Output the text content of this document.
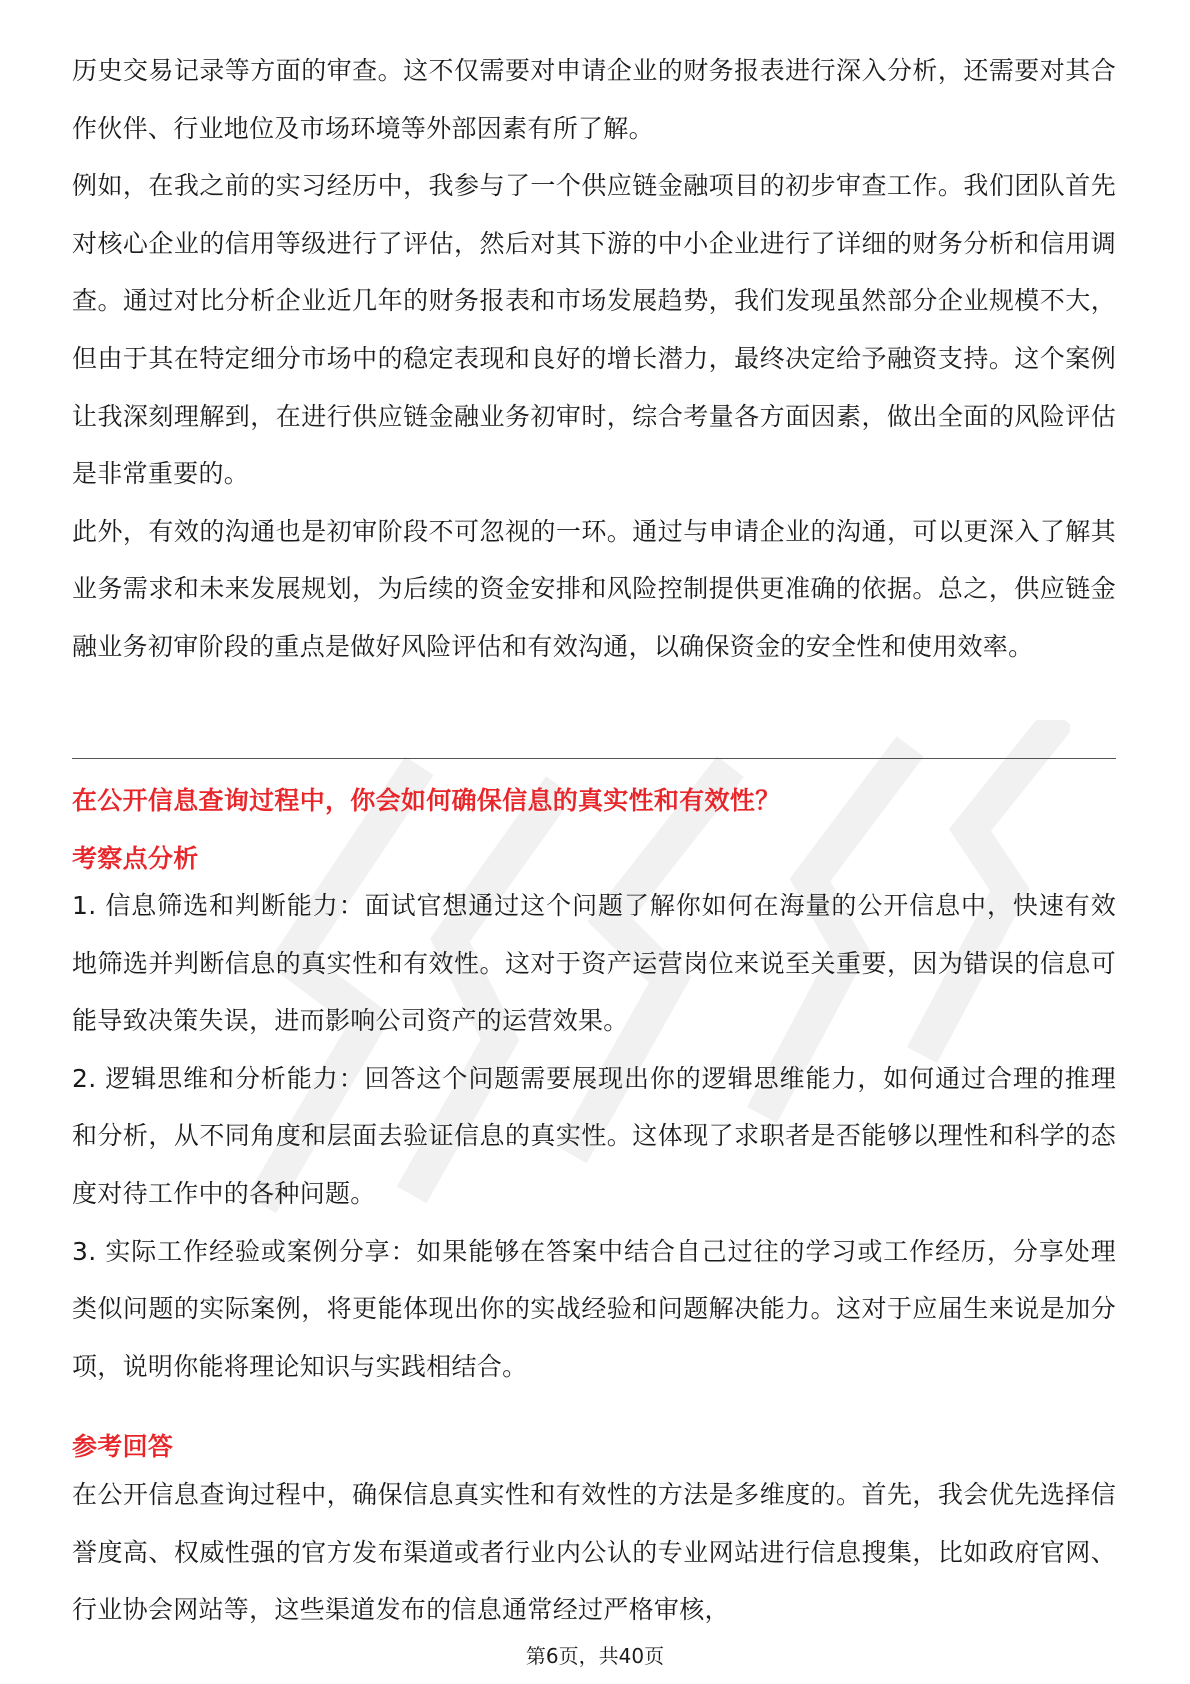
历史交易记录等方面的审查。这不仅需要对申请企业的财务报表进行深入分析，还需要对其合作伙伴、行业地位及市场环境等外部因素有所了解。

例如，在我之前的实习经历中，我参与了一个供应链金融项目的初步审查工作。我们团队首先对核心企业的信用等级进行了评估，然后对其下游的中小企业进行了详细的财务分析和信用调查。通过对比分析企业近几年的财务报表和市场发展趋势，我们发现虽然部分企业规模不大，但由于其在特定细分市场中的稳定表现和良好的增长潜力，最终决定给予融资支持。这个案例让我深刻理解到，在进行供应链金融业务初审时，综合考量各方面因素，做出全面的风险评估是非常重要的。

此外，有效的沟通也是初审阶段不可忽视的一环。通过与申请企业的沟通，可以更深入了解其业务需求和未来发展规划，为后续的资金安排和风险控制提供更准确的依据。总之，供应链金融业务初审阶段的重点是做好风险评估和有效沟通，以确保资金的安全性和使用效率。

在公开信息查询过程中，你会如何确保信息的真实性和有效性？

考察点分析

1. 信息筛选和判断能力：面试官想通过这个问题了解你如何在海量的公开信息中，快速有效地筛选并判断信息的真实性和有效性。这对于资产运营岗位来说至关重要，因为错误的信息可能导致决策失误，进而影响公司资产的运营效果。

2. 逻辑思维和分析能力：回答这个问题需要展现出你的逻辑思维能力，如何通过合理的推理和分析，从不同角度和层面去验证信息的真实性。这体现了求职者是否能够以理性和科学的态度对待工作中的各种问题。

3. 实际工作经验或案例分享：如果能够在答案中结合自己过往的学习或工作经历，分享处理类似问题的实际案例，将更能体现出你的实战经验和问题解决能力。这对于应届生来说是加分项，说明你能将理论知识与实践相结合。

参考回答

在公开信息查询过程中，确保信息真实性和有效性的方法是多维度的。首先，我会优先选择信誉度高、权威性强的官方发布渠道或者行业内公认的专业网站进行信息搜集，比如政府官网、行业协会网站等，这些渠道发布的信息通常经过严格审核，

第6页，共40页
